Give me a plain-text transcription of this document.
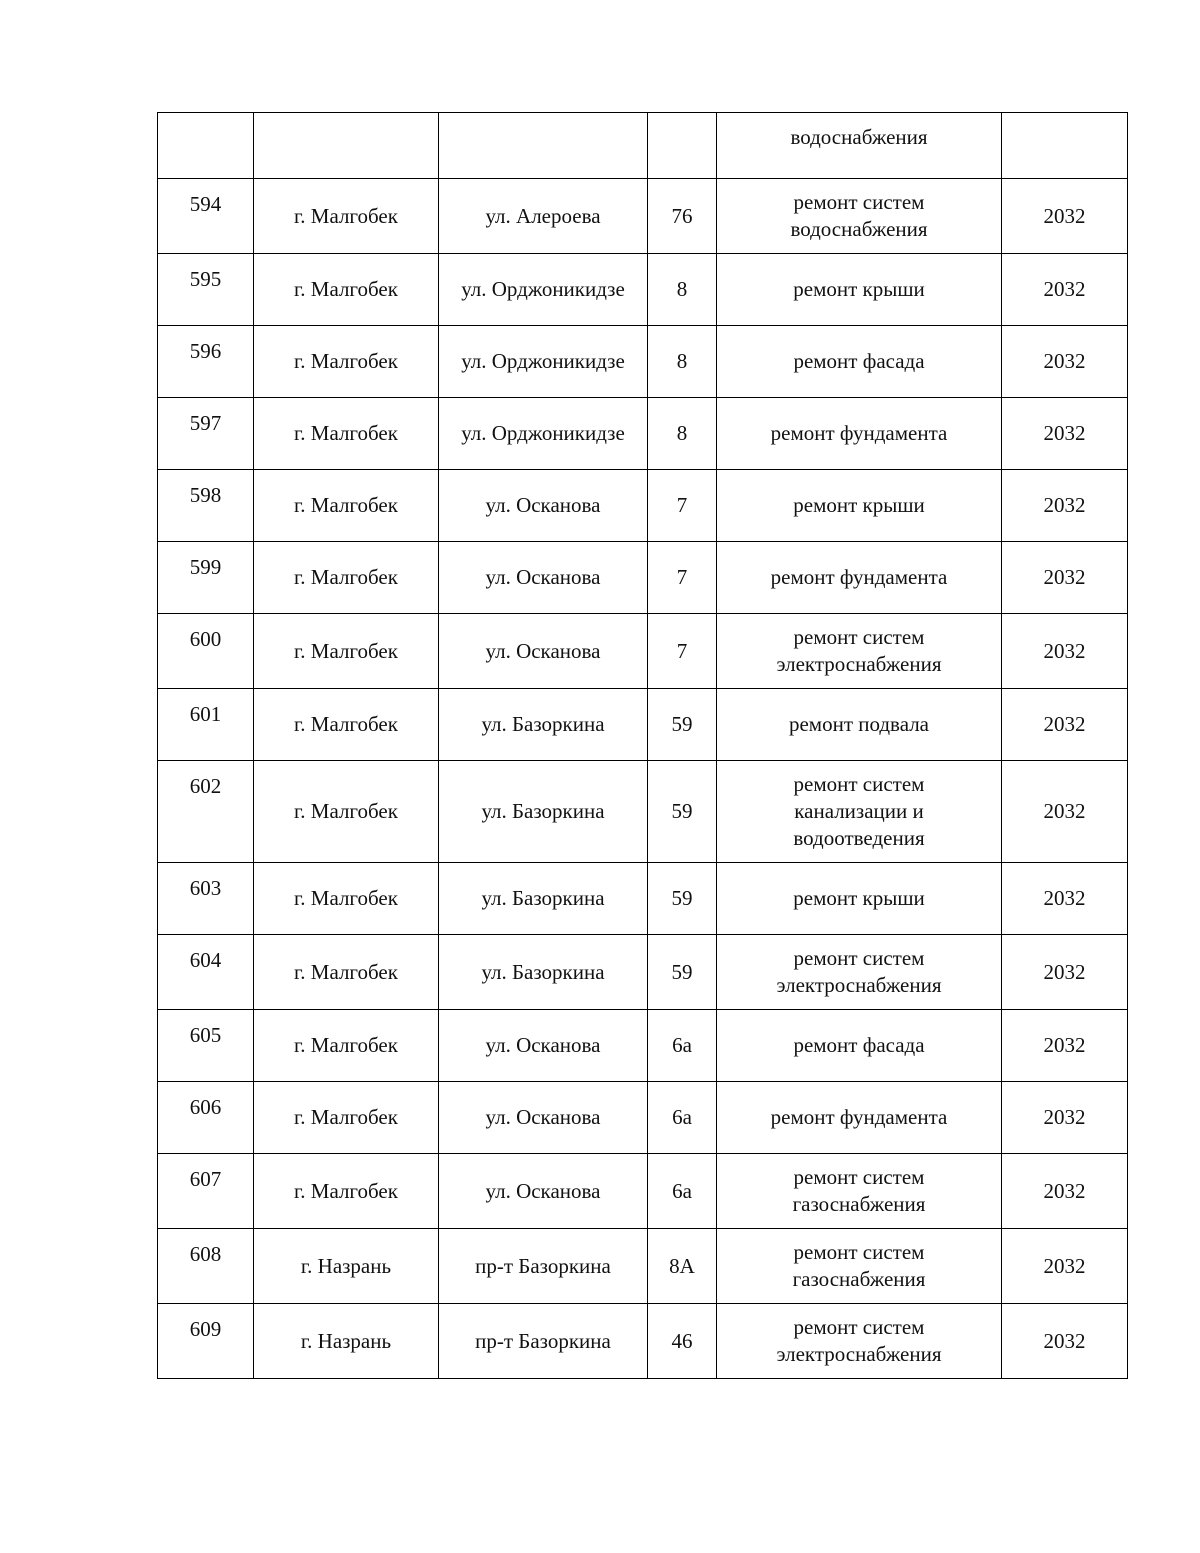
				водоснабжения	

594	г. Малгобек	ул. Алероева	76	ремонт систем
водоснабжения	2032
595	г. Малгобек	ул. Орджоникидзе	8	ремонт крыши	2032
596	г. Малгобек	ул. Орджоникидзе	8	ремонт фасада	2032
597	г. Малгобек	ул. Орджоникидзе	8	ремонт фундамента	2032
598	г. Малгобек	ул. Осканова	7	ремонт крыши	2032
599	г. Малгобек	ул. Осканова	7	ремонт фундамента	2032
600	г. Малгобек	ул. Осканова	7	ремонт систем
электроснабжения	2032
601	г. Малгобек	ул. Базоркина	59	ремонт подвала	2032
602	г. Малгобек	ул. Базоркина	59	ремонт систем
канализации и
водоотведения	2032
603	г. Малгобек	ул. Базоркина	59	ремонт крыши	2032
604	г. Малгобек	ул. Базоркина	59	ремонт систем
электроснабжения	2032
605	г. Малгобек	ул. Осканова	6а	ремонт фасада	2032
606	г. Малгобек	ул. Осканова	6а	ремонт фундамента	2032
607	г. Малгобек	ул. Осканова	6а	ремонт систем
газоснабжения	2032
608	г. Назрань	пр-т Базоркина	8А	ремонт систем
газоснабжения	2032
609	г. Назрань	пр-т Базоркина	46	ремонт систем
электроснабжения	2032
